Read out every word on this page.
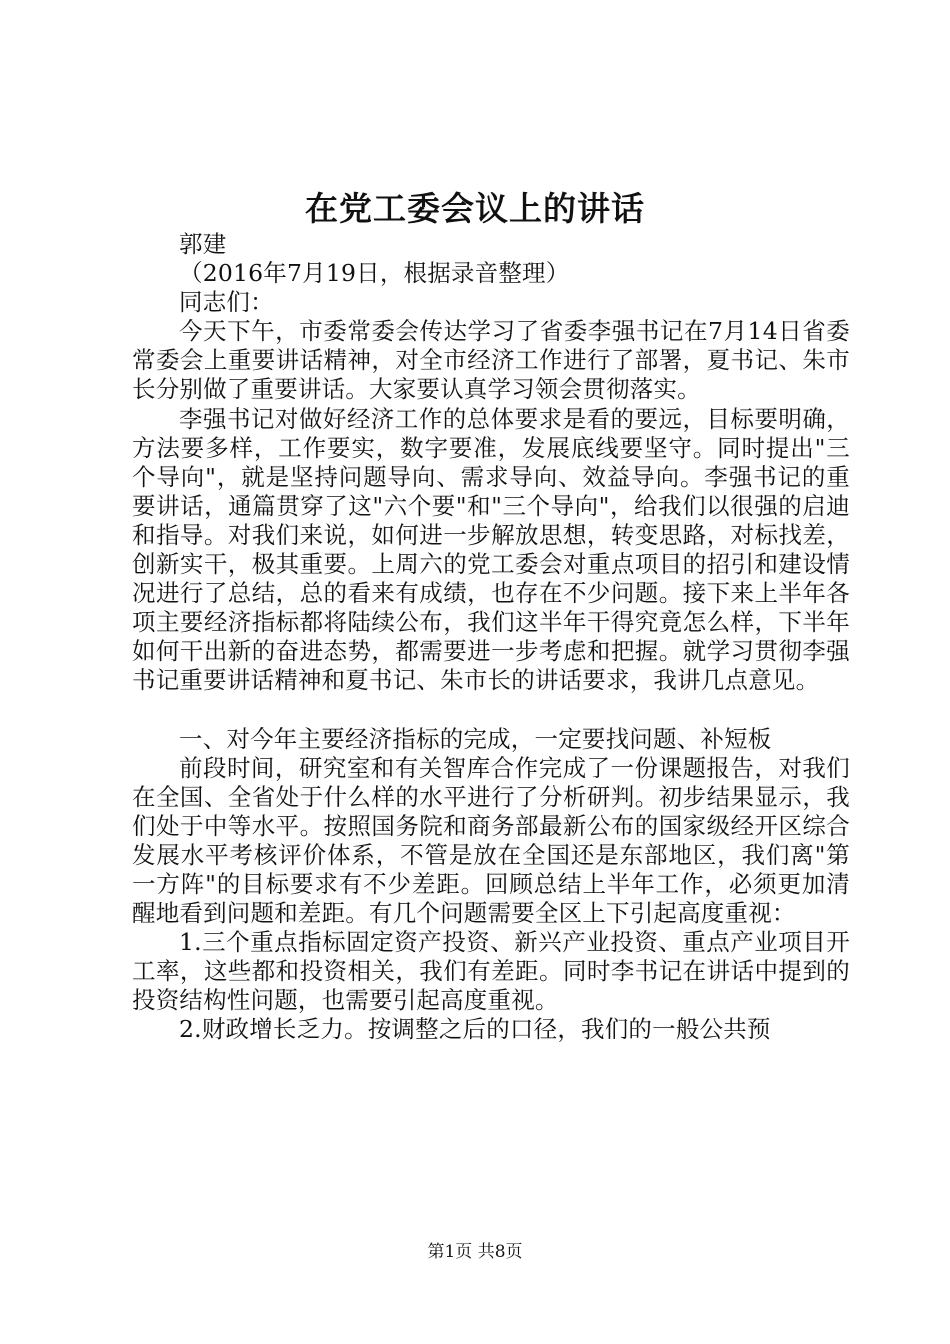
在党工委会议上的讲话

郭建

（2016年7月19日，根据录音整理）

同志们：

今天下午，市委常委会传达学习了省委李强书记在7月14日省委常委会上重要讲话精神，对全市经济工作进行了部署，夏书记、朱市长分别做了重要讲话。大家要认真学习领会贯彻落实。

李强书记对做好经济工作的总体要求是看的要远，目标要明确，方法要多样，工作要实，数字要准，发展底线要坚守。同时提出"三个导向"，就是坚持问题导向、需求导向、效益导向。李强书记的重要讲话，通篇贯穿了这"六个要"和"三个导向"，给我们以很强的启迪和指导。对我们来说，如何进一步解放思想，转变思路，对标找差，创新实干，极其重要。上周六的党工委会对重点项目的招引和建设情况进行了总结，总的看来有成绩，也存在不少问题。接下来上半年各项主要经济指标都将陆续公布，我们这半年干得究竟怎么样，下半年如何干出新的奋进态势，都需要进一步考虑和把握。就学习贯彻李强书记重要讲话精神和夏书记、朱市长的讲话要求，我讲几点意见。

一、对今年主要经济指标的完成，一定要找问题、补短板

前段时间，研究室和有关智库合作完成了一份课题报告，对我们在全国、全省处于什么样的水平进行了分析研判。初步结果显示，我们处于中等水平。按照国务院和商务部最新公布的国家级经开区综合发展水平考核评价体系，不管是放在全国还是东部地区，我们离"第一方阵"的目标要求有不少差距。回顾总结上半年工作，必须更加清醒地看到问题和差距。有几个问题需要全区上下引起高度重视：

1.三个重点指标固定资产投资、新兴产业投资、重点产业项目开工率，这些都和投资相关，我们有差距。同时李书记在讲话中提到的投资结构性问题，也需要引起高度重视。

2.财政增长乏力。按调整之后的口径，我们的一般公共预

第1页 共8页
